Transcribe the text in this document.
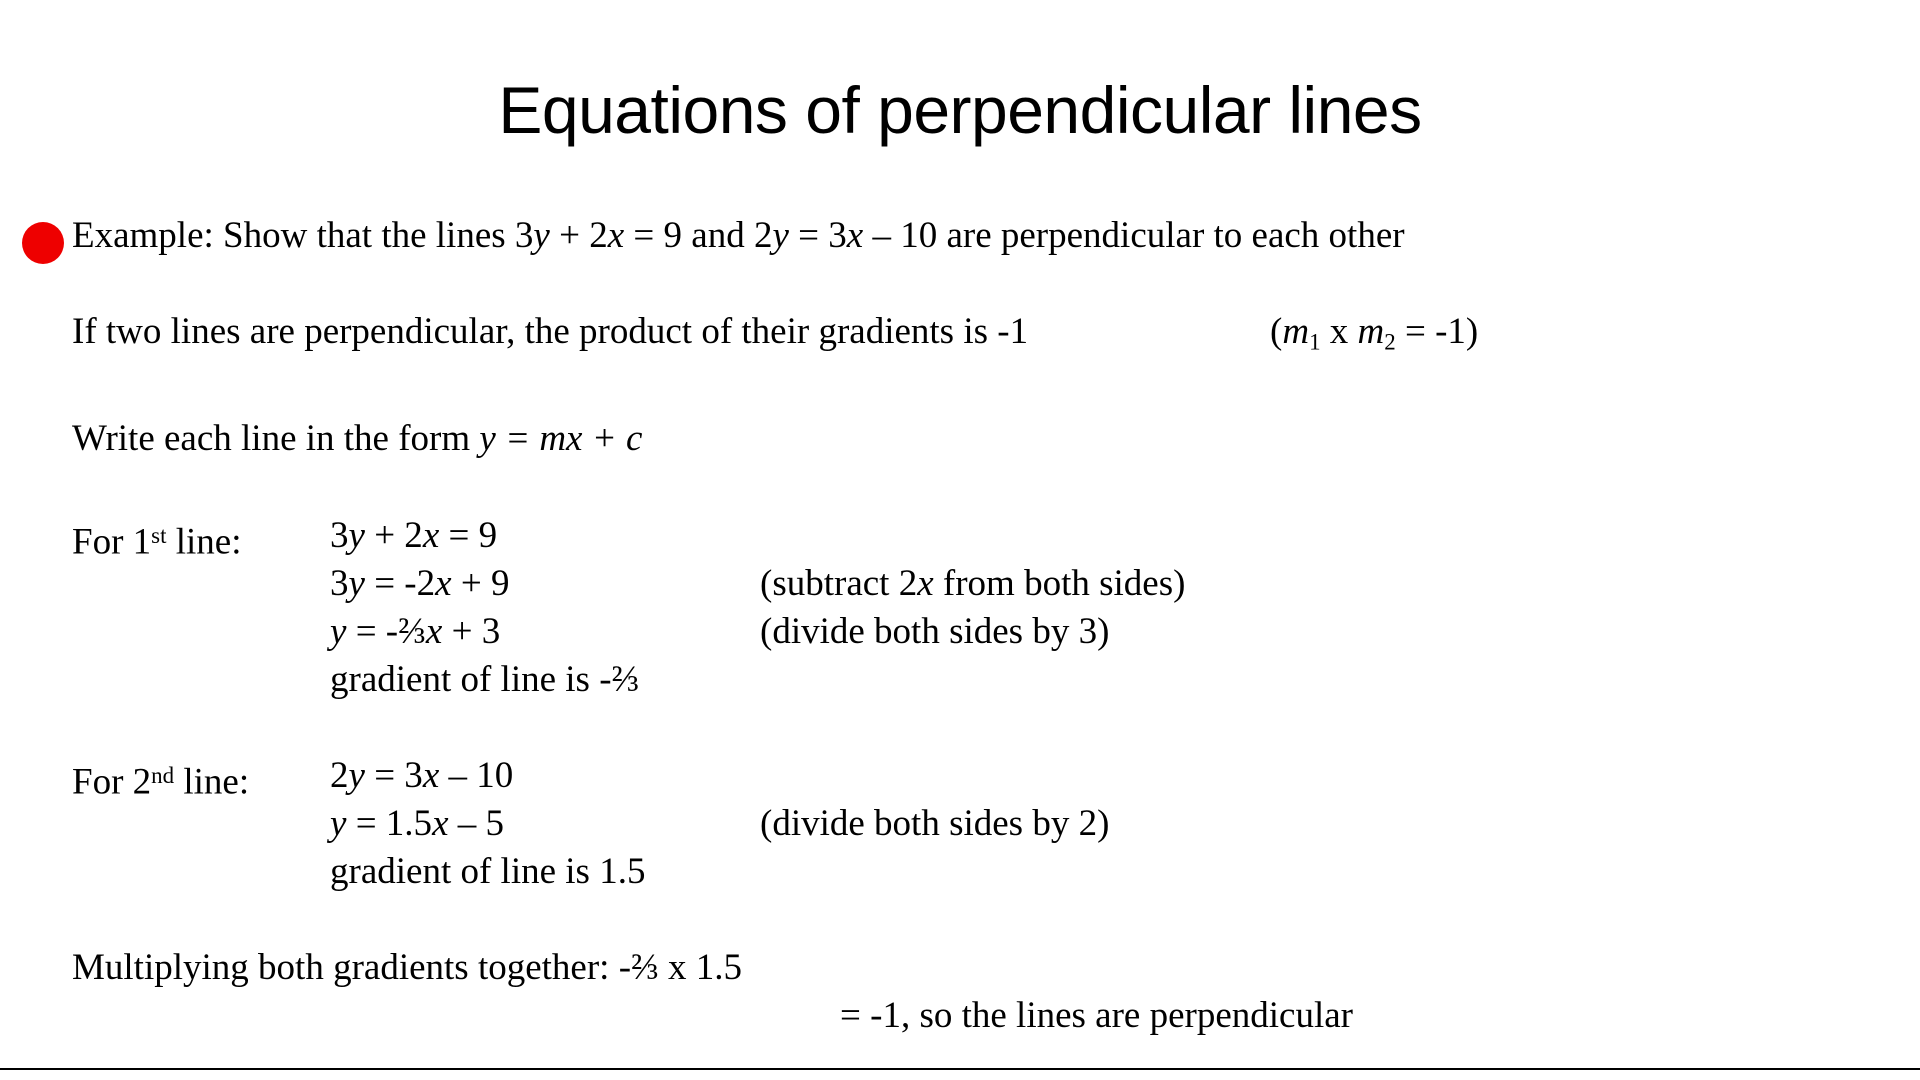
Equations of perpendicular lines
Example: Show that the lines 3y + 2x = 9 and 2y = 3x – 10 are perpendicular to each other
If two lines are perpendicular, the product of their gradients is -1	($m_1$ x $m_2 = -1$)
Write each line in the form y = mx + c
For 1st line: 3y + 2x = 9
3y = -2x + 9	(subtract 2x from both sides)
y = -⅔x + 3	(divide both sides by 3)
gradient of line is -⅔
For 2nd line: 2y = 3x – 10
y = 1.5x – 5	(divide both sides by 2)
gradient of line is 1.5
Multiplying both gradients together: -⅔ x 1.5
= -1, so the lines are perpendicular
